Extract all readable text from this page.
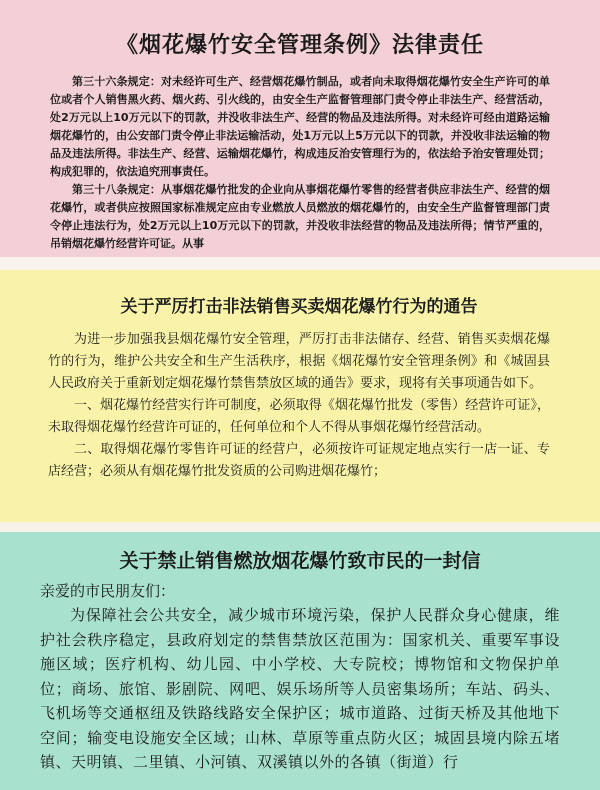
《烟花爆竹安全管理条例》法律责任

第三十六条规定：对未经许可生产、经营烟花爆竹制品，或者向未取得烟花爆竹安全生产许可的单位或者个人销售黑火药、烟火药、引火线的，由安全生产监督管理部门责令停止非法生产、经营活动，处2万元以上10万元以下的罚款，并没收非法生产、经营的物品及违法所得。对未经许可经由道路运输烟花爆竹的，由公安部门责令停止非法运输活动，处1万元以上5万元以下的罚款，并没收非法运输的物品及违法所得。非法生产、经营、运输烟花爆竹，构成违反治安管理行为的，依法给予治安管理处罚；构成犯罪的，依法追究刑事责任。

第三十八条规定：从事烟花爆竹批发的企业向从事烟花爆竹零售的经营者供应非法生产、经营的烟花爆竹，或者供应按照国家标准规定应由专业燃放人员燃放的烟花爆竹的，由安全生产监督管理部门责令停止违法行为，处2万元以上10万元以下的罚款，并没收非法经营的物品及违法所得；情节严重的，吊销烟花爆竹经营许可证。从事

关于严厉打击非法销售买卖烟花爆竹行为的通告

为进一步加强我县烟花爆竹安全管理，严厉打击非法储存、经营、销售买卖烟花爆竹的行为，维护公共安全和生产生活秩序，根据《烟花爆竹安全管理条例》和《城固县人民政府关于重新划定烟花爆竹禁售禁放区域的通告》要求，现将有关事项通告如下。

一、烟花爆竹经营实行许可制度，必须取得《烟花爆竹批发（零售）经营许可证》，未取得烟花爆竹经营许可证的，任何单位和个人不得从事烟花爆竹经营活动。

二、取得烟花爆竹零售许可证的经营户，必须按许可证规定地点实行一店一证、专店经营；必须从有烟花爆竹批发资质的公司购进烟花爆竹；

关于禁止销售燃放烟花爆竹致市民的一封信

亲爱的市民朋友们：

为保障社会公共安全，减少城市环境污染，保护人民群众身心健康，维护社会秩序稳定，县政府划定的禁售禁放区范围为：国家机关、重要军事设施区域；医疗机构、幼儿园、中小学校、大专院校；博物馆和文物保护单位；商场、旅馆、影剧院、网吧、娱乐场所等人员密集场所；车站、码头、飞机场等交通枢纽及铁路线路安全保护区；城市道路、过街天桥及其他地下空间；输变电设施安全区域；山林、草原等重点防火区；城固县境内除五堵镇、天明镇、二里镇、小河镇、双溪镇以外的各镇（街道）行
